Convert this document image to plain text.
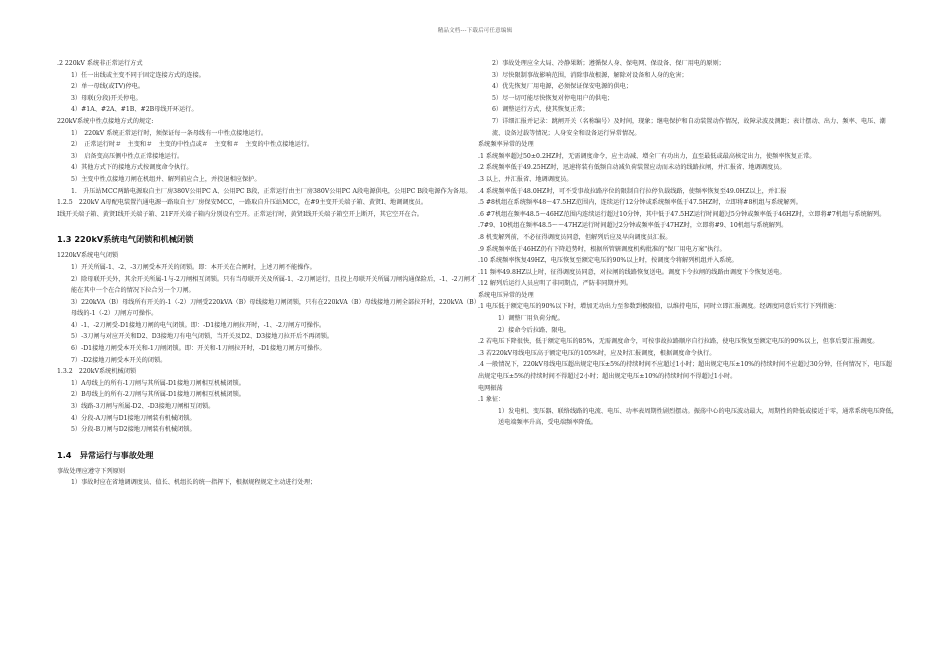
精品文档---下载后可任意编辑
.2 220kV 系统非正常运行方式
1）任一出线或主变不同于固定连接方式的连接。
2）单一母线(或TV)停电。
3）母联(分段)开关停电。
4）#1A、#2A、#1B、#2B母线开环运行。
220kV系统中性点接地方式的规定:
1）　220kV 系统正常运行时，须保证每一条母线有一中性点接地运行。
2）　正常运行时＃　主变和＃　主变的中性点或＃　主变和＃　主变的中性点接地运行。
3）　启备变高压侧中性点正常接地运行。
4）其他方式下的接地方式按调度命令执行。
5）主变中性点接地刀闸在机组并、解列前应合上，并投退相应保护。
1.　升压站MCC两路电源取自主厂房380V公用PC A、公用PC B段，正常运行由主厂房380V公用PC A段电源供电，公用PC B段电源作为备用。
1.2.5　220kV A母配电装置汽通电源一路取自主厂房保安MCC，一路取自升压站MCC，在#9主变开关端子箱、黄贤Ⅰ、地调调度员。
Ⅰ线开关端子箱、黄贤Ⅰ线开关端子箱、21F开关端子箱内分别设有空开。正常运行时，黄贤Ⅰ线开关端子箱空开上断开，其它空开在合。
1.3 220kV系统电气闭锁和机械闭锁
1220kV系统电气闭锁
1）开关所属-1、-2、-3刀闸受本开关的闭锁。即：本开关在合闸时，上述刀闸不能操作。
2）除母联开关外，其余开关所属-1与-2刀闸相互闭锁。只有当母联开关及所属-1、-2刀闸运行，且投上母联开关所属刀闸沟通保险后，-1、-2刀闸才能在其中一个在合的情况下拉合另一个刀闸。
3）220kVA（B）母线所有开关的-1（-2）刀闸受220kVA（B）母线接地刀闸闭锁，只有在220kVA（B）母线接地刀闸全部拉开时，220kVA（B）母线的-1（-2）刀闸方可操作。
4）-1、-2刀闸受-D1接地刀闸的电气闭锁。即：-D1接地刀闸拉开时，-1、-2刀闸方可操作。
5）-3刀闸与对应开关和D2、D3接地刀有电气闭锁，当开关及D2、D3接地刀拉开后不再闭锁。
6）-D1接地刀闸受本开关和-1刀闸闭锁。即：开关和-1刀闸拉开时，-D1接地刀闸方可操作。
7）-D2接地刀闸受本开关的闭锁。
1.3.2　220kV系统机械闭锁
1）A母线上的所有-1刀闸与其所属-D1接地刀闸相互机械闭锁。
2）B母线上的所有-2刀闸与其所属-D1接地刀闸相互机械闭锁。
3）线路-3刀闸与所属-D2、-D3接地刀闸相互闭锁。
4）分段-A刀闸与D1接地刀闸装有机械闭锁。
5）分段-B刀闸与D2接地刀闸装有机械闭锁。
1.4　异常运行与事故处理
事故处理应遵守下列原则
1）事故时应在省地调调度员、值长、机组长的统一指挥下，根据规程规定主动进行处理；
2）事故处理应全大局、冷静果断；遵循保人身、保电网、保设备、保厂用电的原则；
3）尽快限制事故影响范围，消除事故根源，解除对设备和人身的危害；
4）优先恢复厂用电源，必须保证保安电源的供电；
5）尽一切可能尽快恢复对停电用户的供电；
6）调整运行方式，使其恢复正常；
7）详细汇报并记录：跳闸开关（名称编号）及时间，现象；继电保护和自动装置动作情况，故障录波及测距；表计摆动、出力、频率、电压、潮流、设备过载等情况；人身安全和设备运行异常情况。
系统频率异常的处理
.1 系统频率超过50±0.2HZ时，无需调度命令，应主动减、增全厂有功出力，直至最低或最高核定出力，使频率恢复正常。
.2 系统频率低于49.25HZ时，迅速将装有低频自动减负荷装置应动而未动的线路拉闸，并汇报省、地调调度员。
.3 以上，并汇报省、地调调度员。
.4 系统频率低于48.0HZ时，可不受事故拉路序位的限制自行拉停负载线路，使频率恢复至49.0HZ以上，并汇报
.5 #8机组在系统频率48～47.5HZ范围内，连续运行12分钟或系统频率低于47.5HZ时，立即将#8机组与系统解列。
.6 #7机组在频率48.5～46HZ范围内连续运行超过10分钟，其中低于47.5HZ运行时间超过5分钟或频率低于46HZ时，立即将#7机组与系统解列。
.7#9、10机组在频率48.5～～47HZ运行时间超过2分钟或频率低于47HZ时，立即将#9、10机组与系统解列。
.8 机变解列前，不必征得调度员同意，但解列后应及早向调度员汇报。
.9 系统频率低于46HZ仍有下降趋势时，根据所管辖调度机构批准的"保厂用电方案"执行。
.10 系统频率恢复49HZ，电压恢复至额定电压的90%以上时，按调度令将解列机组并入系统。
.11 频率49.8HZ以上时，征得调度员同意，对拉闸的线路恢复送电。调度下令拉闸的线路由调度下令恢复送电。
.12 解列后运行人员应明了非同期点，严防非同期并列。
系统电压异常的处理
.1 电压低于额定电压的90%以下时，增加无功出力至参数到极限值，以维持电压，同时立即汇报调度。经调度同意后实行下列措施：
1）调整厂用负荷分配。
2）接命令后拉路、限电。
.2 若电压下降很快，低于额定电压的85%，无需调度命令，可按事故拉路顺序自行拉路，使电压恢复至额定电压的90%以上，但事后要汇报调度。
.3 若220kV母线电压高于额定电压的105%时，应及时汇报调度，根据调度命令执行。
.4 一般情况下，220kV母线电压超出规定电压±5%的持续时间不应超过1小时；超出规定电压±10%的持续时间不应超过30分钟，任何情况下，电压超出规定电压±5%的持续时间不得超过2小时；超出规定电压±10%的持续时间不得超过1小时。
电网振荡
.1 象征：
1）发电机、变压器、联络线路的电流、电压、功率表周期性剧烈摆动。振荡中心的电压波动最大，周期性的降低或接近于零，通常系统电压降低，送电端频率升高，受电端频率降低。
